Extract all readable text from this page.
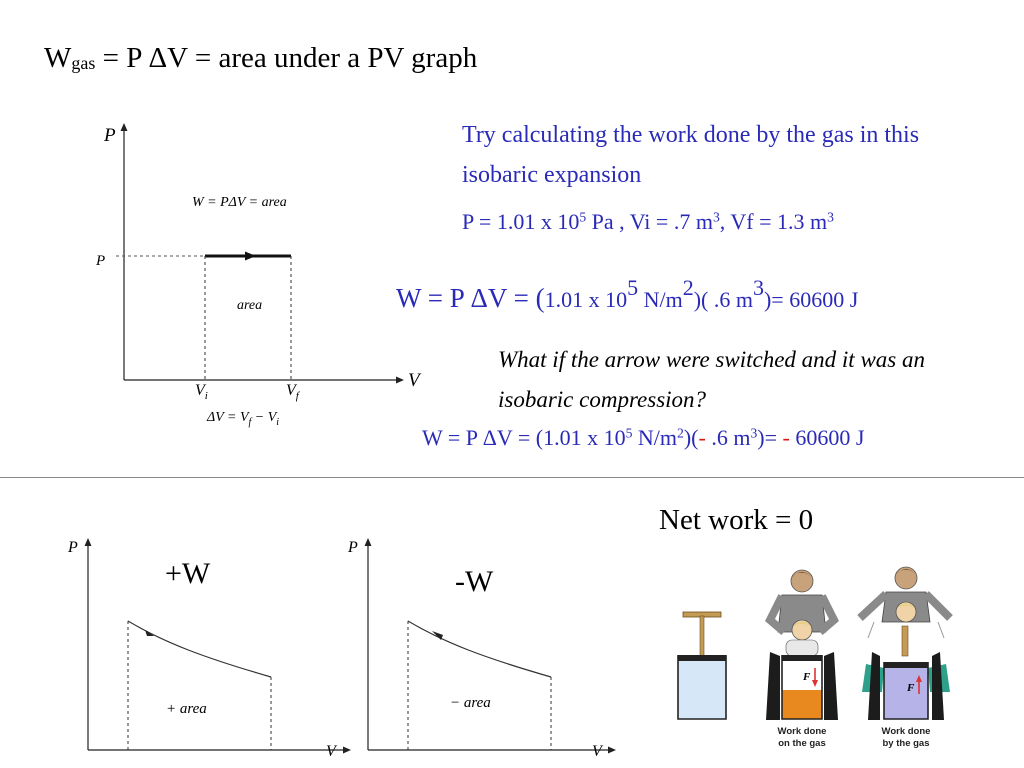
$W_{gas} = P$ ΔV = area under a PV graph
Try calculating the work done by the gas in this isobaric expansion
P = 1.01 x $10^5$ Pa , Vi = .7 $m^3$, Vf = 1.3 $m^3$
W = P ΔV = (1.01 x $10^5$ $N/m^2$)( .6 $m^3)= 60600$ J
What if the arrow were switched and it was an isobaric compression?
W = P ΔV = (1.01 x $10^5$ $N/m^2)(-$ .6 $m^3)= - 60600$ J
Net work = 0
+W	-W
P
V
W = PΔV = area
P
area
$V_i$	$V_f$
$\Delta V = V_f - V_i$
P
V
+ area
P
V
− area
F
Work done
on the gas
F
Work done
by the gas
